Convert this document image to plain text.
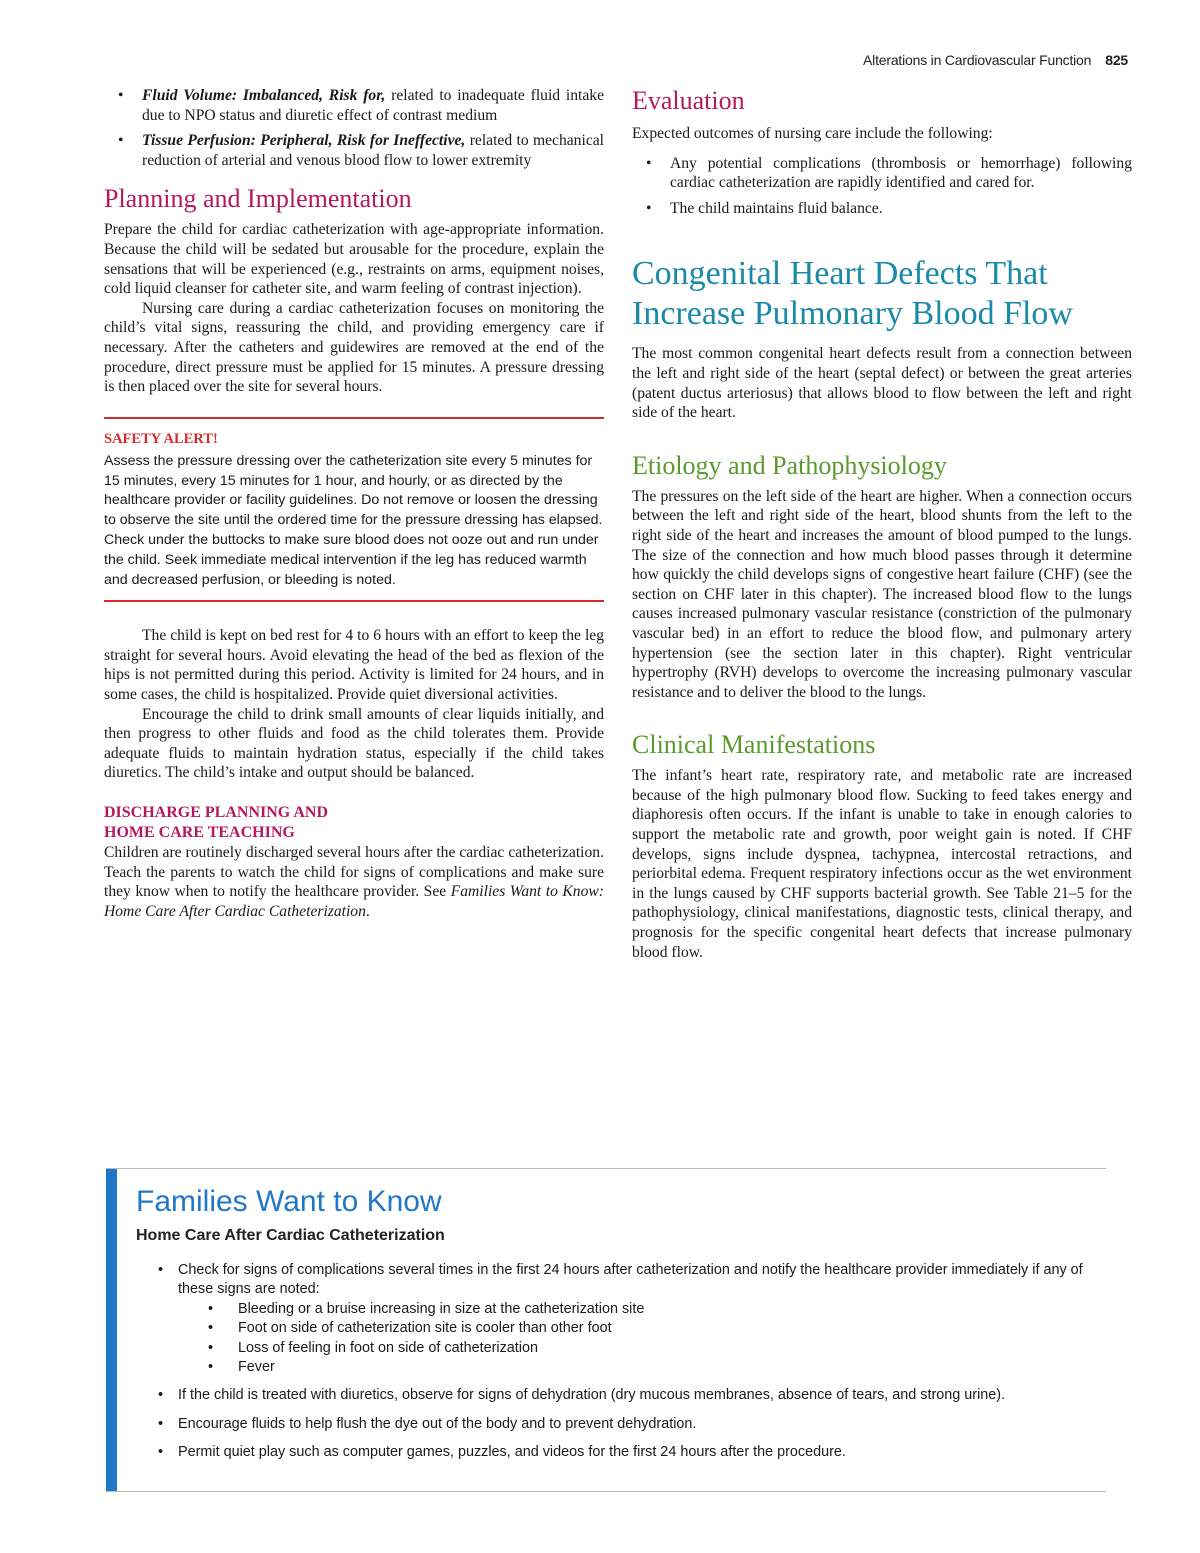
Alterations in Cardiovascular Function 825
• Fluid Volume: Imbalanced, Risk for, related to inadequate fluid intake due to NPO status and diuretic effect of contrast medium
• Tissue Perfusion: Peripheral, Risk for Ineffective, related to mechanical reduction of arterial and venous blood flow to lower extremity
Planning and Implementation

Prepare the child for cardiac catheterization with age-appropriate information. Because the child will be sedated but arousable for the procedure, explain the sensations that will be experienced (e.g., restraints on arms, equipment noises, cold liquid cleanser for catheter site, and warm feeling of contrast injection).

Nursing care during a cardiac catheterization focuses on monitoring the child’s vital signs, reassuring the child, and providing emergency care if necessary. After the catheters and guidewires are removed at the end of the procedure, direct pressure must be applied for 15 minutes. A pressure dressing is then placed over the site for several hours.

SAFETY ALERT!

Assess the pressure dressing over the catheterization site every 5 minutes for 15 minutes, every 15 minutes for 1 hour, and hourly, or as directed by the healthcare provider or facility guidelines. Do not remove or loosen the dressing to observe the site until the ordered time for the pressure dressing has elapsed. Check under the buttocks to make sure blood does not ooze out and run under the child. Seek immediate medical intervention if the leg has reduced warmth and decreased perfusion, or bleeding is noted.

The child is kept on bed rest for 4 to 6 hours with an effort to keep the leg straight for several hours. Avoid elevating the head of the bed as flexion of the hips is not permitted during this period. Activity is limited for 24 hours, and in some cases, the child is hospitalized. Provide quiet diversional activities.

Encourage the child to drink small amounts of clear liquids initially, and then progress to other fluids and food as the child tolerates them. Provide adequate fluids to maintain hydration status, especially if the child takes diuretics. The child’s intake and output should be balanced.

DISCHARGE PLANNING AND
HOME CARE TEACHING

Children are routinely discharged several hours after the cardiac catheterization. Teach the parents to watch the child for signs of complications and make sure they know when to notify the healthcare provider. See Families Want to Know: Home Care After Cardiac Catheterization.

Evaluation

Expected outcomes of nursing care include the following:

• Any potential complications (thrombosis or hemorrhage) following cardiac catheterization are rapidly identified and cared for.
• The child maintains fluid balance.
Congenital Heart Defects That
Increase Pulmonary Blood Flow

The most common congenital heart defects result from a connection between the left and right side of the heart (septal defect) or between the great arteries (patent ductus arteriosus) that allows blood to flow between the left and right side of the heart.

Etiology and Pathophysiology

The pressures on the left side of the heart are higher. When a connection occurs between the left and right side of the heart, blood shunts from the left to the right side of the heart and increases the amount of blood pumped to the lungs. The size of the connection and how much blood passes through it determine how quickly the child develops signs of congestive heart failure (CHF) (see the section on CHF later in this chapter). The increased blood flow to the lungs causes increased pulmonary vascular resistance (constriction of the pulmonary vascular bed) in an effort to reduce the blood flow, and pulmonary artery hypertension (see the section later in this chapter). Right ventricular hypertrophy (RVH) develops to overcome the increasing pulmonary vascular resistance and to deliver the blood to the lungs.

Clinical Manifestations

The infant’s heart rate, respiratory rate, and metabolic rate are increased because of the high pulmonary blood flow. Sucking to feed takes energy and diaphoresis often occurs. If the infant is unable to take in enough calories to support the metabolic rate and growth, poor weight gain is noted. If CHF develops, signs include dyspnea, tachypnea, intercostal retractions, and periorbital edema. Frequent respiratory infections occur as the wet environment in the lungs caused by CHF supports bacterial growth. See Table 21–5 for the pathophysiology, clinical manifestations, diagnostic tests, clinical therapy, and prognosis for the specific congenital heart defects that increase pulmonary blood flow.

Families Want to Know
Home Care After Cardiac Catheterization
• Check for signs of complications several times in the first 24 hours after catheterization and notify the healthcare provider immediately if any of these signs are noted:
• Bleeding or a bruise increasing in size at the catheterization site
• Foot on side of catheterization site is cooler than other foot
• Loss of feeling in foot on side of catheterization
• Fever
• If the child is treated with diuretics, observe for signs of dehydration (dry mucous membranes, absence of tears, and strong urine).
• Encourage fluids to help flush the dye out of the body and to prevent dehydration.
• Permit quiet play such as computer games, puzzles, and videos for the first 24 hours after the procedure.
